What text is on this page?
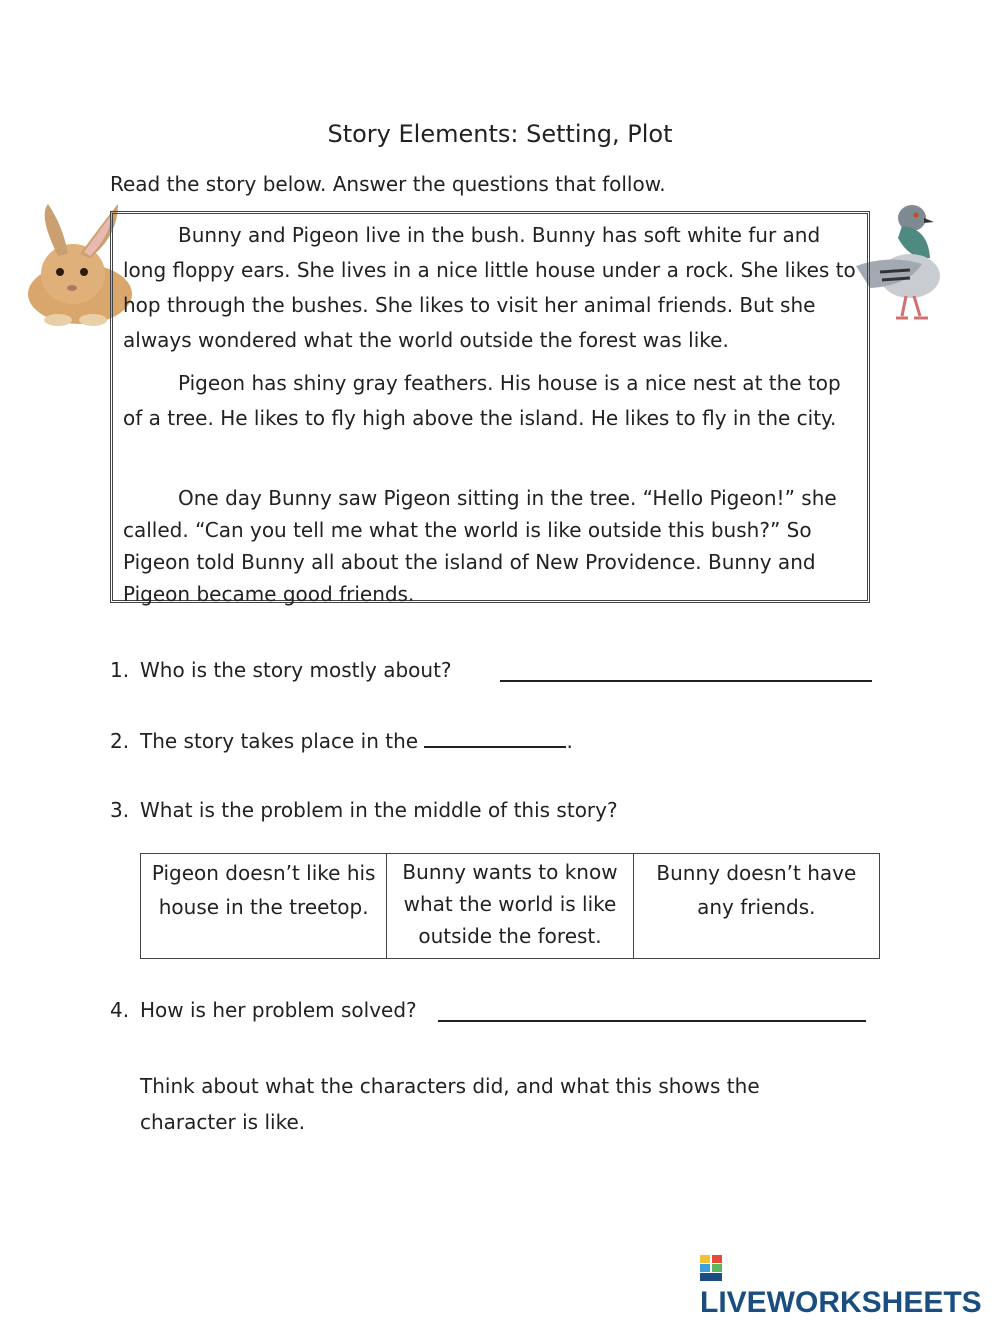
Story Elements: Setting, Plot
Read the story below. Answer the questions that follow.

Bunny and Pigeon live in the bush. Bunny has soft white fur and long floppy ears. She lives in a nice little house under a rock. She likes to hop through the bushes. She likes to visit her animal friends. But she always wondered what the world outside the forest was like.

Pigeon has shiny gray feathers. His house is a nice nest at the top of a tree. He likes to fly high above the island. He likes to fly in the city.

One day Bunny saw Pigeon sitting in the tree. “Hello Pigeon!” she called. “Can you tell me what the world is like outside this bush?” So Pigeon told Bunny all about the island of New Providence. Bunny and Pigeon became good friends.

1. Who is the story mostly about?
2. The story takes place in the	.
3. What is the problem in the middle of this story?
Pigeon doesn’t like his house in the treetop.	Bunny wants to know what the world is like outside the forest.	Bunny doesn’t have any friends.
4. How is her problem solved?
Think about what the characters did, and what this shows the character is like.
LIVEWORKSHEETS
